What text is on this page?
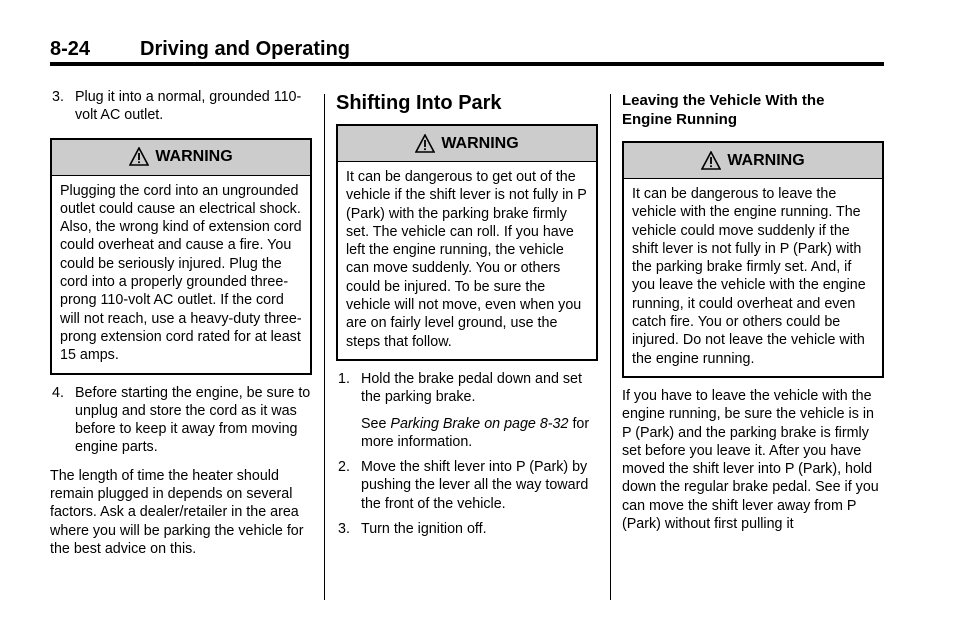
8-24 Driving and Operating
3. Plug it into a normal, grounded 110-volt AC outlet.
WARNING

Plugging the cord into an ungrounded outlet could cause an electrical shock. Also, the wrong kind of extension cord could overheat and cause a fire. You could be seriously injured. Plug the cord into a properly grounded three-prong 110-volt AC outlet. If the cord will not reach, use a heavy-duty three-prong extension cord rated for at least 15 amps.

4. Before starting the engine, be sure to unplug and store the cord as it was before to keep it away from moving engine parts.

The length of time the heater should remain plugged in depends on several factors. Ask a dealer/retailer in the area where you will be parking the vehicle for the best advice on this.

Shifting Into Park
WARNING

It can be dangerous to get out of the vehicle if the shift lever is not fully in P (Park) with the parking brake firmly set. The vehicle can roll. If you have left the engine running, the vehicle can move suddenly. You or others could be injured. To be sure the vehicle will not move, even when you are on fairly level ground, use the steps that follow.

1. Hold the brake pedal down and set the parking brake.

See Parking Brake on page 8-32 for more information.

2. Move the shift lever into P (Park) by pushing the lever all the way toward the front of the vehicle.
3. Turn the ignition off.
Leaving the Vehicle With the Engine Running
WARNING

It can be dangerous to leave the vehicle with the engine running. The vehicle could move suddenly if the shift lever is not fully in P (Park) with the parking brake firmly set. And, if you leave the vehicle with the engine running, it could overheat and even catch fire. You or others could be injured. Do not leave the vehicle with the engine running.

If you have to leave the vehicle with the engine running, be sure the vehicle is in P (Park) and the parking brake is firmly set before you leave it. After you have moved the shift lever into P (Park), hold down the regular brake pedal. See if you can move the shift lever away from P (Park) without first pulling it
